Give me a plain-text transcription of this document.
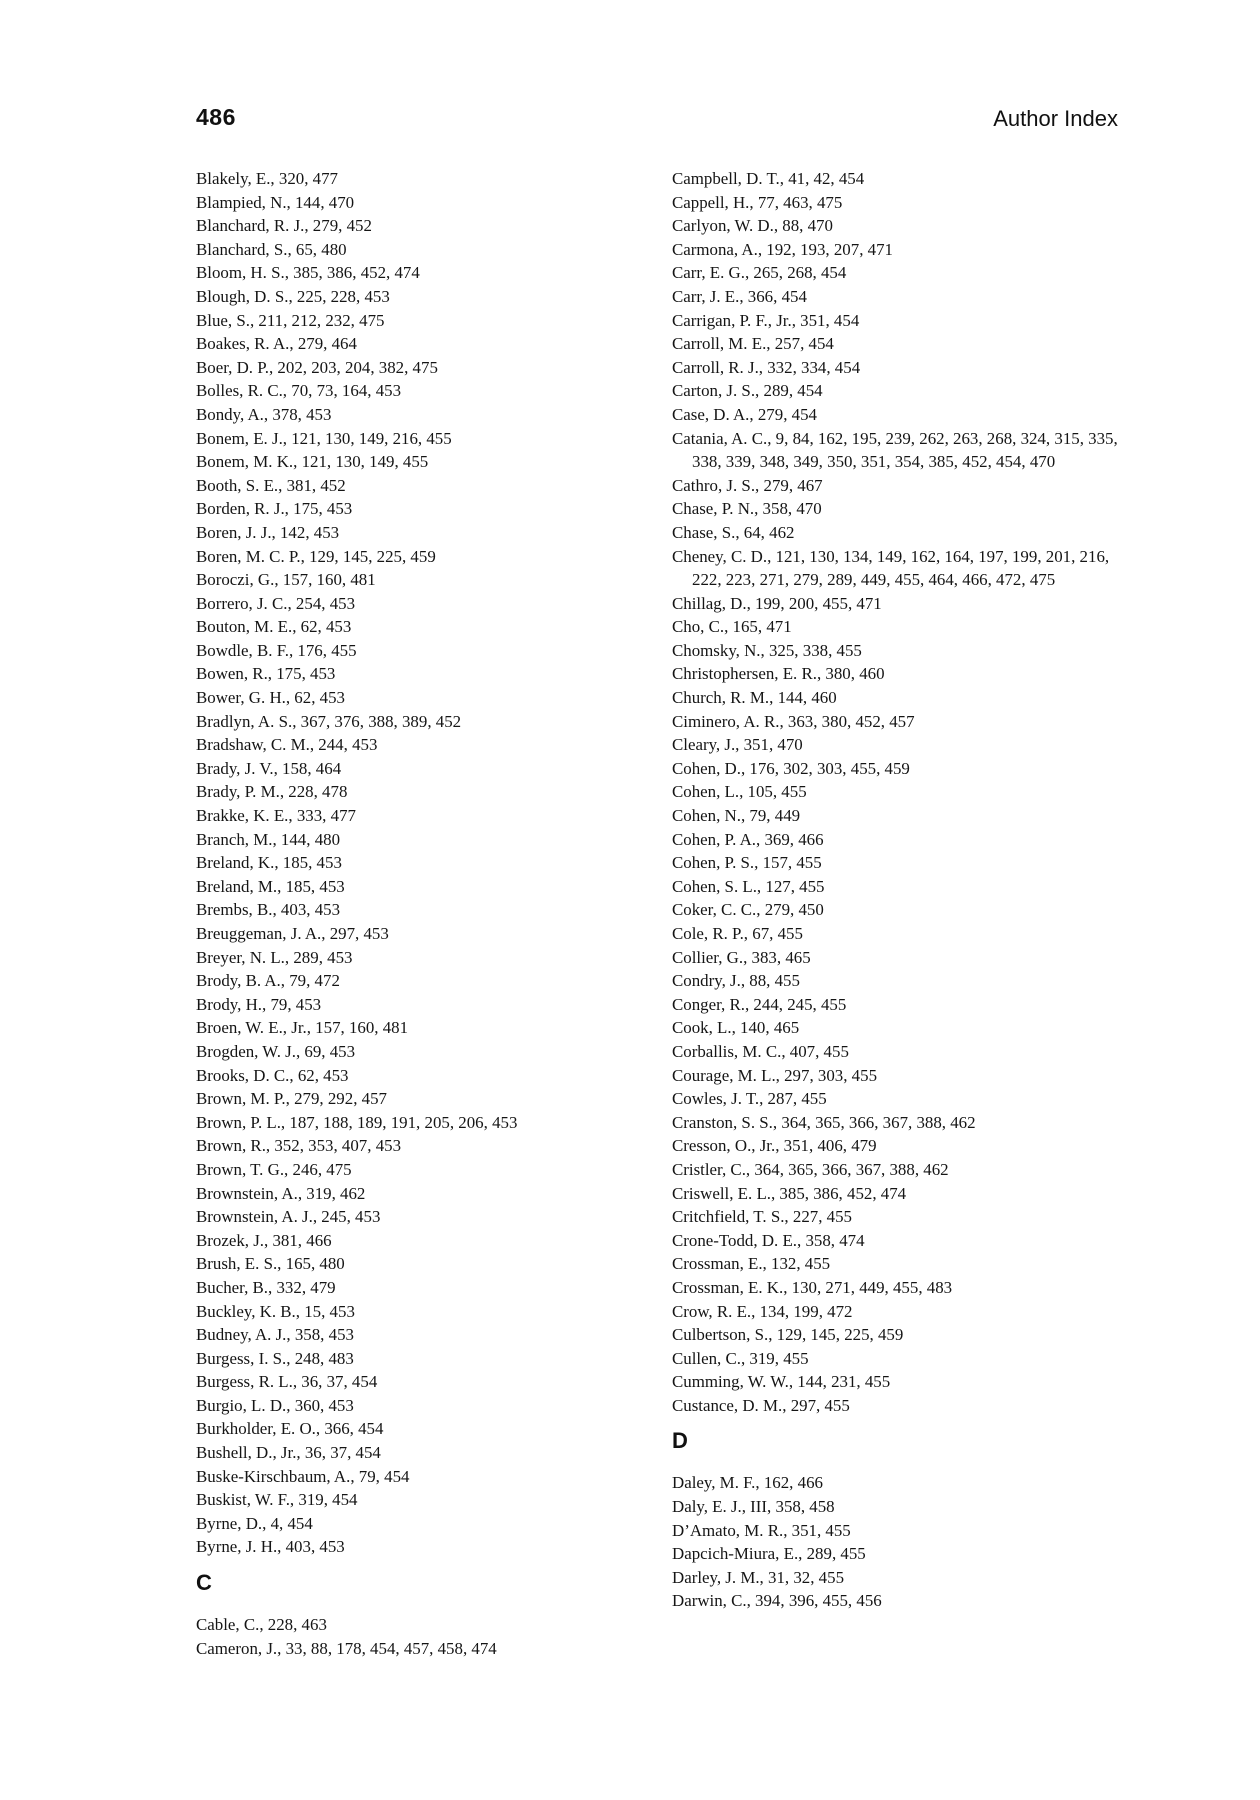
486	Author Index

Blakely, E., 320, 477

Blampied, N., 144, 470

Blanchard, R. J., 279, 452

Blanchard, S., 65, 480

Bloom, H. S., 385, 386, 452, 474

Blough, D. S., 225, 228, 453

Blue, S., 211, 212, 232, 475

Boakes, R. A., 279, 464

Boer, D. P., 202, 203, 204, 382, 475

Bolles, R. C., 70, 73, 164, 453

Bondy, A., 378, 453

Bonem, E. J., 121, 130, 149, 216, 455

Bonem, M. K., 121, 130, 149, 455

Booth, S. E., 381, 452

Borden, R. J., 175, 453

Boren, J. J., 142, 453

Boren, M. C. P., 129, 145, 225, 459

Boroczi, G., 157, 160, 481

Borrero, J. C., 254, 453

Bouton, M. E., 62, 453

Bowdle, B. F., 176, 455

Bowen, R., 175, 453

Bower, G. H., 62, 453

Bradlyn, A. S., 367, 376, 388, 389, 452

Bradshaw, C. M., 244, 453

Brady, J. V., 158, 464

Brady, P. M., 228, 478

Brakke, K. E., 333, 477

Branch, M., 144, 480

Breland, K., 185, 453

Breland, M., 185, 453

Brembs, B., 403, 453

Breuggeman, J. A., 297, 453

Breyer, N. L., 289, 453

Brody, B. A., 79, 472

Brody, H., 79, 453

Broen, W. E., Jr., 157, 160, 481

Brogden, W. J., 69, 453

Brooks, D. C., 62, 453

Brown, M. P., 279, 292, 457

Brown, P. L., 187, 188, 189, 191, 205, 206, 453

Brown, R., 352, 353, 407, 453

Brown, T. G., 246, 475

Brownstein, A., 319, 462

Brownstein, A. J., 245, 453

Brozek, J., 381, 466

Brush, E. S., 165, 480

Bucher, B., 332, 479

Buckley, K. B., 15, 453

Budney, A. J., 358, 453

Burgess, I. S., 248, 483

Burgess, R. L., 36, 37, 454

Burgio, L. D., 360, 453

Burkholder, E. O., 366, 454

Bushell, D., Jr., 36, 37, 454

Buske-Kirschbaum, A., 79, 454

Buskist, W. F., 319, 454

Byrne, D., 4, 454

Byrne, J. H., 403, 453

C

Cable, C., 228, 463

Cameron, J., 33, 88, 178, 454, 457, 458, 474

Campbell, D. T., 41, 42, 454

Cappell, H., 77, 463, 475

Carlyon, W. D., 88, 470

Carmona, A., 192, 193, 207, 471

Carr, E. G., 265, 268, 454

Carr, J. E., 366, 454

Carrigan, P. F., Jr., 351, 454

Carroll, M. E., 257, 454

Carroll, R. J., 332, 334, 454

Carton, J. S., 289, 454

Case, D. A., 279, 454

Catania, A. C., 9, 84, 162, 195, 239, 262, 263, 268, 324, 315, 335, 338, 339, 348, 349, 350, 351, 354, 385, 452, 454, 470

Cathro, J. S., 279, 467

Chase, P. N., 358, 470

Chase, S., 64, 462

Cheney, C. D., 121, 130, 134, 149, 162, 164, 197, 199, 201, 216, 222, 223, 271, 279, 289, 449, 455, 464, 466, 472, 475

Chillag, D., 199, 200, 455, 471

Cho, C., 165, 471

Chomsky, N., 325, 338, 455

Christophersen, E. R., 380, 460

Church, R. M., 144, 460

Ciminero, A. R., 363, 380, 452, 457

Cleary, J., 351, 470

Cohen, D., 176, 302, 303, 455, 459

Cohen, L., 105, 455

Cohen, N., 79, 449

Cohen, P. A., 369, 466

Cohen, P. S., 157, 455

Cohen, S. L., 127, 455

Coker, C. C., 279, 450

Cole, R. P., 67, 455

Collier, G., 383, 465

Condry, J., 88, 455

Conger, R., 244, 245, 455

Cook, L., 140, 465

Corballis, M. C., 407, 455

Courage, M. L., 297, 303, 455

Cowles, J. T., 287, 455

Cranston, S. S., 364, 365, 366, 367, 388, 462

Cresson, O., Jr., 351, 406, 479

Cristler, C., 364, 365, 366, 367, 388, 462

Criswell, E. L., 385, 386, 452, 474

Critchfield, T. S., 227, 455

Crone-Todd, D. E., 358, 474

Crossman, E., 132, 455

Crossman, E. K., 130, 271, 449, 455, 483

Crow, R. E., 134, 199, 472

Culbertson, S., 129, 145, 225, 459

Cullen, C., 319, 455

Cumming, W. W., 144, 231, 455

Custance, D. M., 297, 455

D

Daley, M. F., 162, 466

Daly, E. J., III, 358, 458

D’Amato, M. R., 351, 455

Dapcich-Miura, E., 289, 455

Darley, J. M., 31, 32, 455

Darwin, C., 394, 396, 455, 456
